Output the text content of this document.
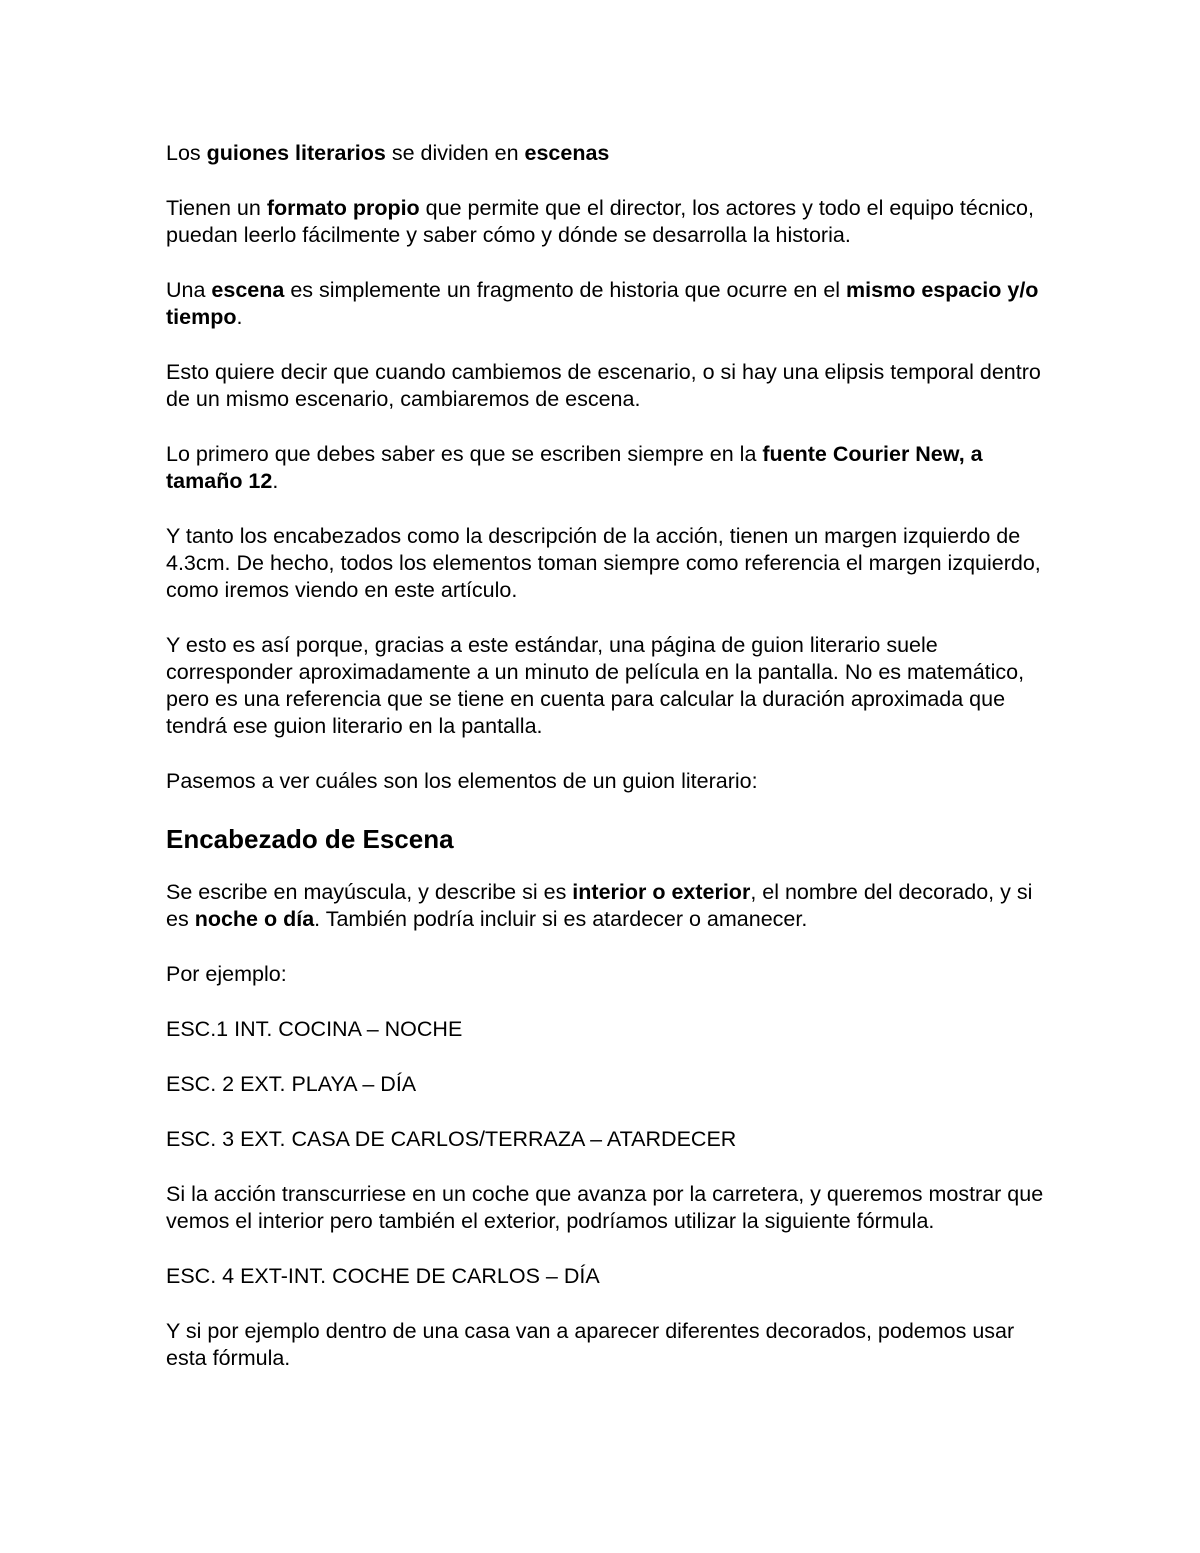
Los guiones literarios se dividen en escenas

Tienen un formato propio que permite que el director, los actores y todo el equipo técnico, puedan leerlo fácilmente y saber cómo y dónde se desarrolla la historia.

Una escena es simplemente un fragmento de historia que ocurre en el mismo espacio y/o tiempo.

Esto quiere decir que cuando cambiemos de escenario, o si hay una elipsis temporal dentro de un mismo escenario, cambiaremos de escena.

Lo primero que debes saber es que se escriben siempre en la fuente Courier New, a tamaño 12.

Y tanto los encabezados como la descripción de la acción, tienen un margen izquierdo de 4.3cm. De hecho, todos los elementos toman siempre como referencia el margen izquierdo, como iremos viendo en este artículo.

Y esto es así porque, gracias a este estándar, una página de guion literario suele corresponder aproximadamente a un minuto de película en la pantalla. No es matemático, pero es una referencia que se tiene en cuenta para calcular la duración aproximada que tendrá ese guion literario en la pantalla.

Pasemos a ver cuáles son los elementos de un guion literario:

Encabezado de Escena

Se escribe en mayúscula, y describe si es interior o exterior, el nombre del decorado, y si es noche o día. También podría incluir si es atardecer o amanecer.

Por ejemplo:

ESC.1 INT. COCINA – NOCHE

ESC. 2 EXT. PLAYA – DÍA

ESC. 3 EXT. CASA DE CARLOS/TERRAZA – ATARDECER

Si la acción transcurriese en un coche que avanza por la carretera, y queremos mostrar que vemos el interior pero también el exterior, podríamos utilizar la siguiente fórmula.

ESC. 4 EXT-INT. COCHE DE CARLOS – DÍA

Y si por ejemplo dentro de una casa van a aparecer diferentes decorados, podemos usar esta fórmula.
